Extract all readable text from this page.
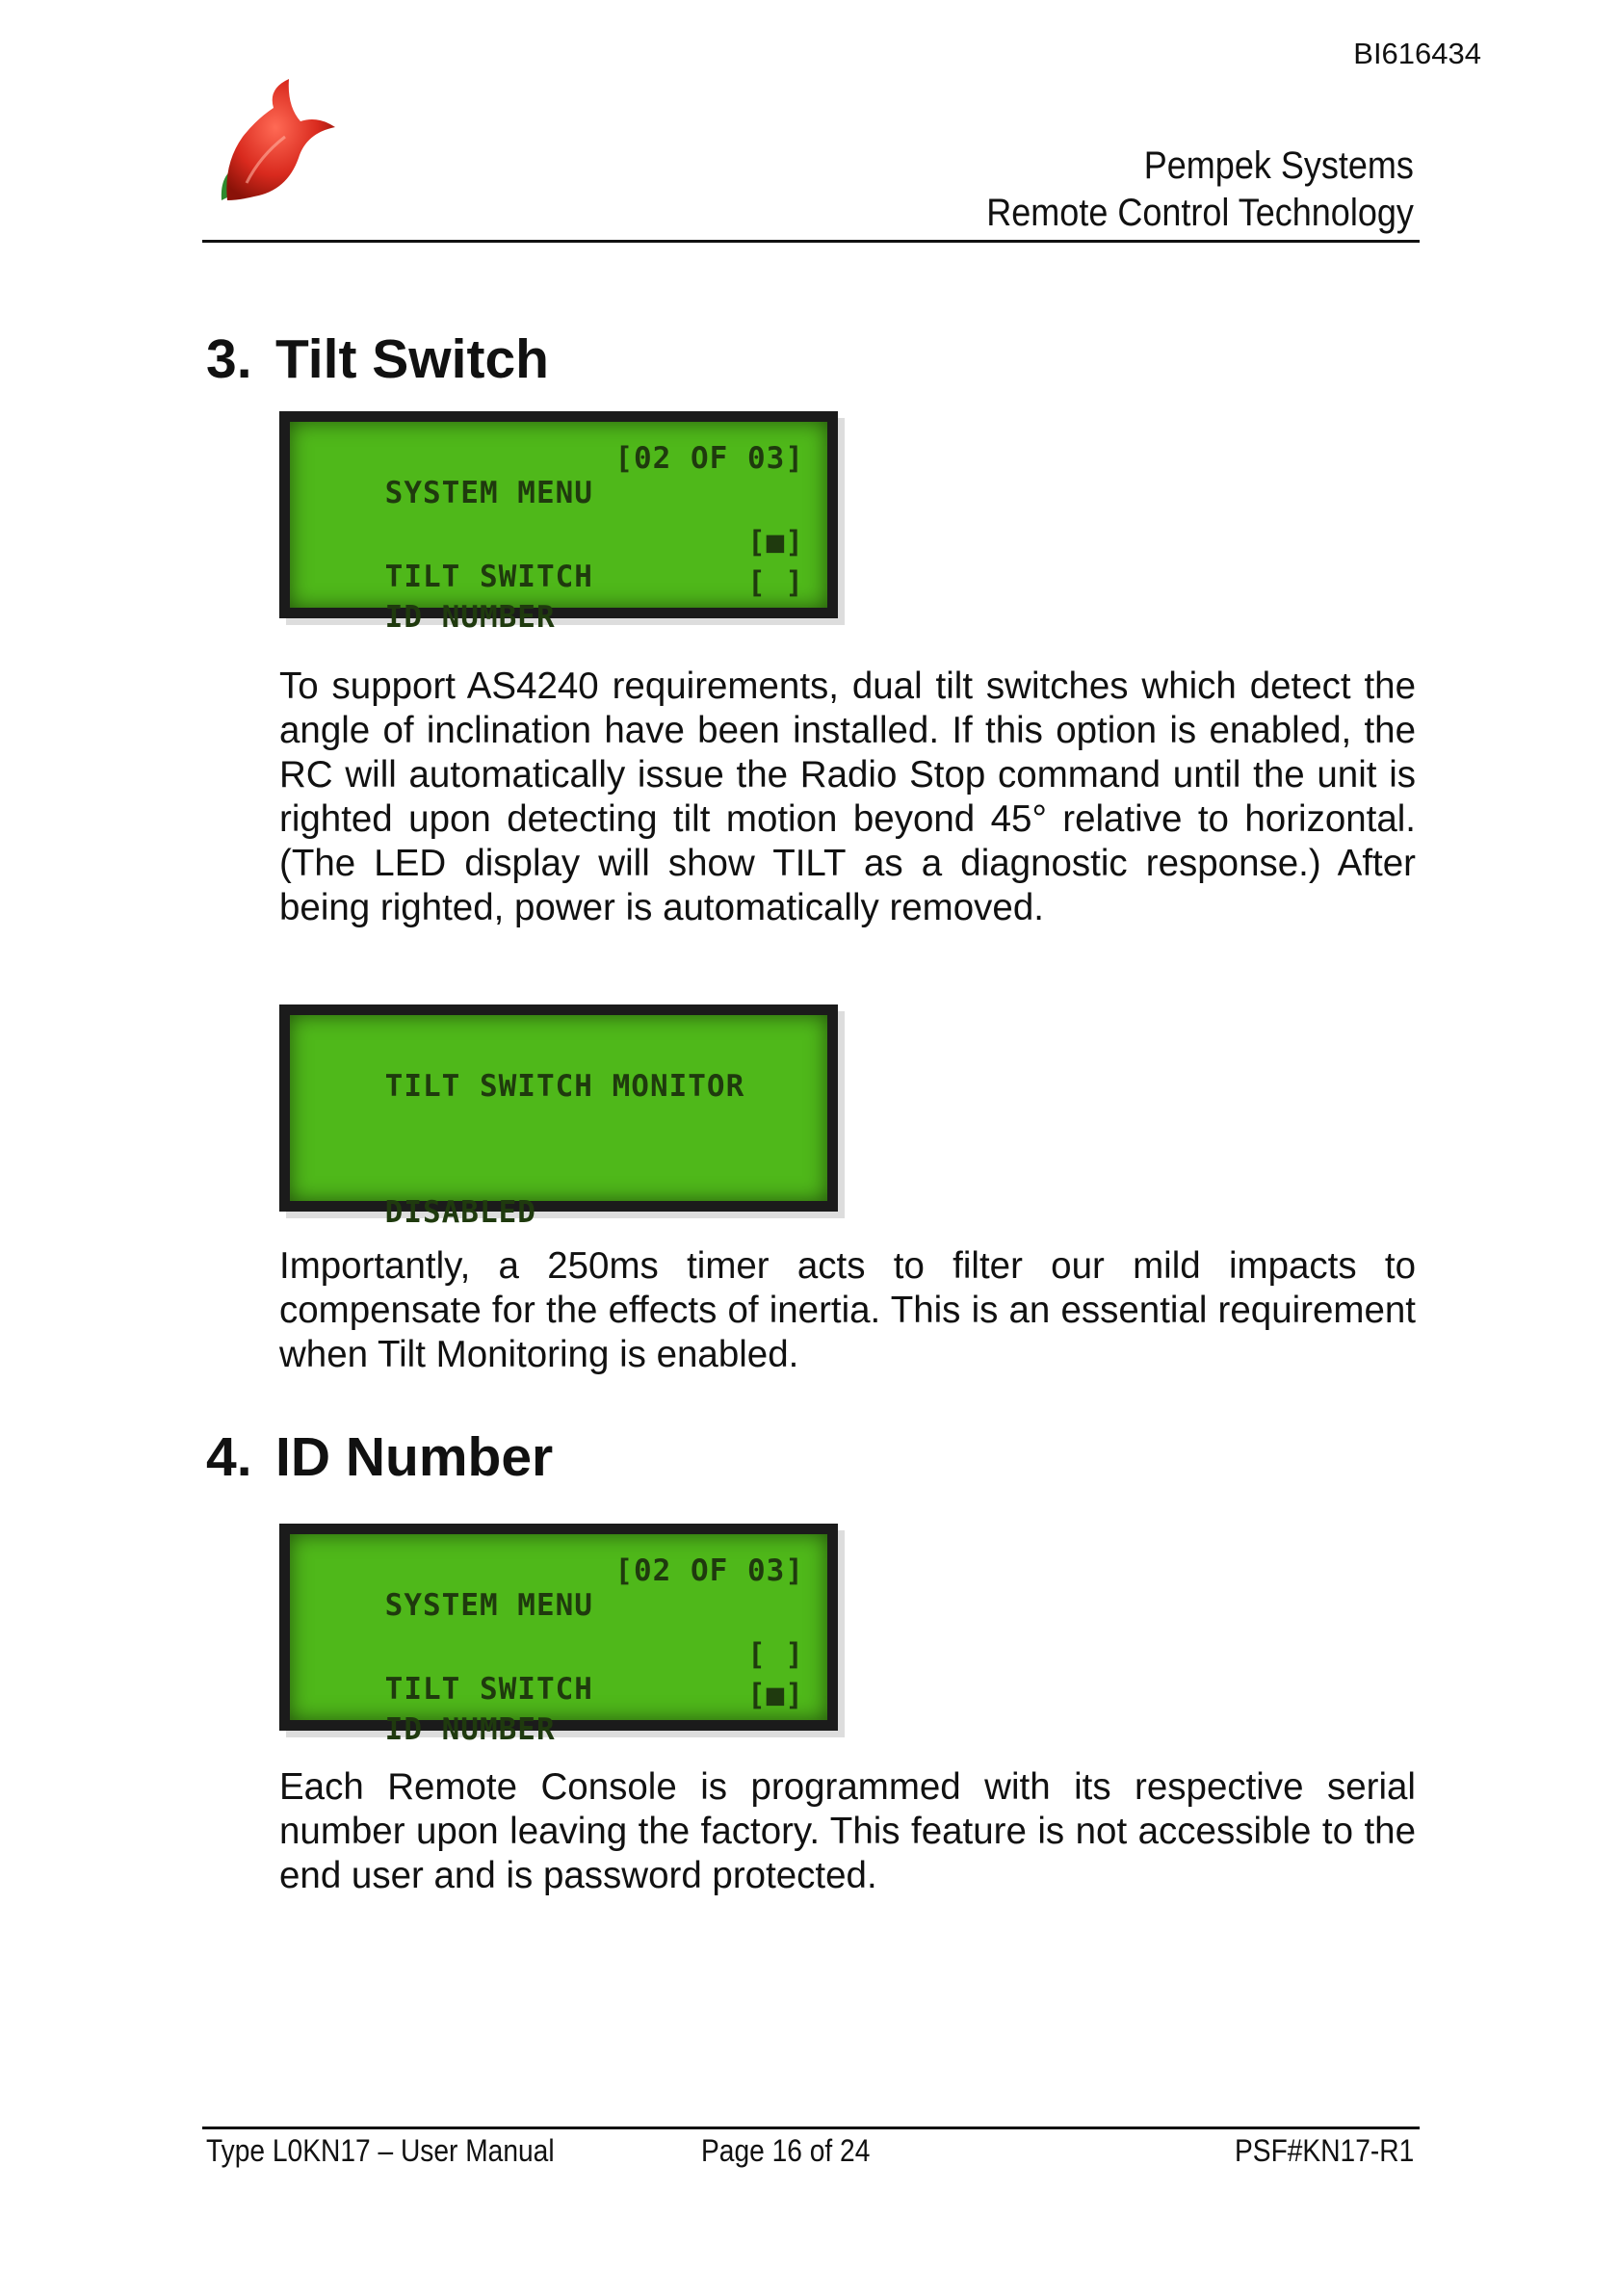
BI616434
Pempek Systems
Remote Control Technology
3. Tilt Switch

SYSTEM MENU

[02 OF 03]

TILT SWITCH

[■]

ID NUMBER

[ ]

To support AS4240 requirements, dual tilt switches which detect the angle of inclination have been installed. If this option is enabled, the RC will automatically issue the Radio Stop command until the unit is righted upon detecting tilt motion beyond 45° relative to horizontal. (The LED display will show TILT as a diagnostic response.) After being righted, power is automatically removed.

TILT SWITCH MONITOR

DISABLED

Importantly, a 250ms timer acts to filter our mild impacts to compensate for the effects of inertia. This is an essential requirement when Tilt Monitoring is enabled.

4. ID Number

SYSTEM MENU

[02 OF 03]

TILT SWITCH

[ ]

ID NUMBER

[■]

Each Remote Console is programmed with its respective serial number upon leaving the factory. This feature is not accessible to the end user and is password protected.

Type L0KN17 – User Manual	Page 16 of 24	PSF#KN17-R1
